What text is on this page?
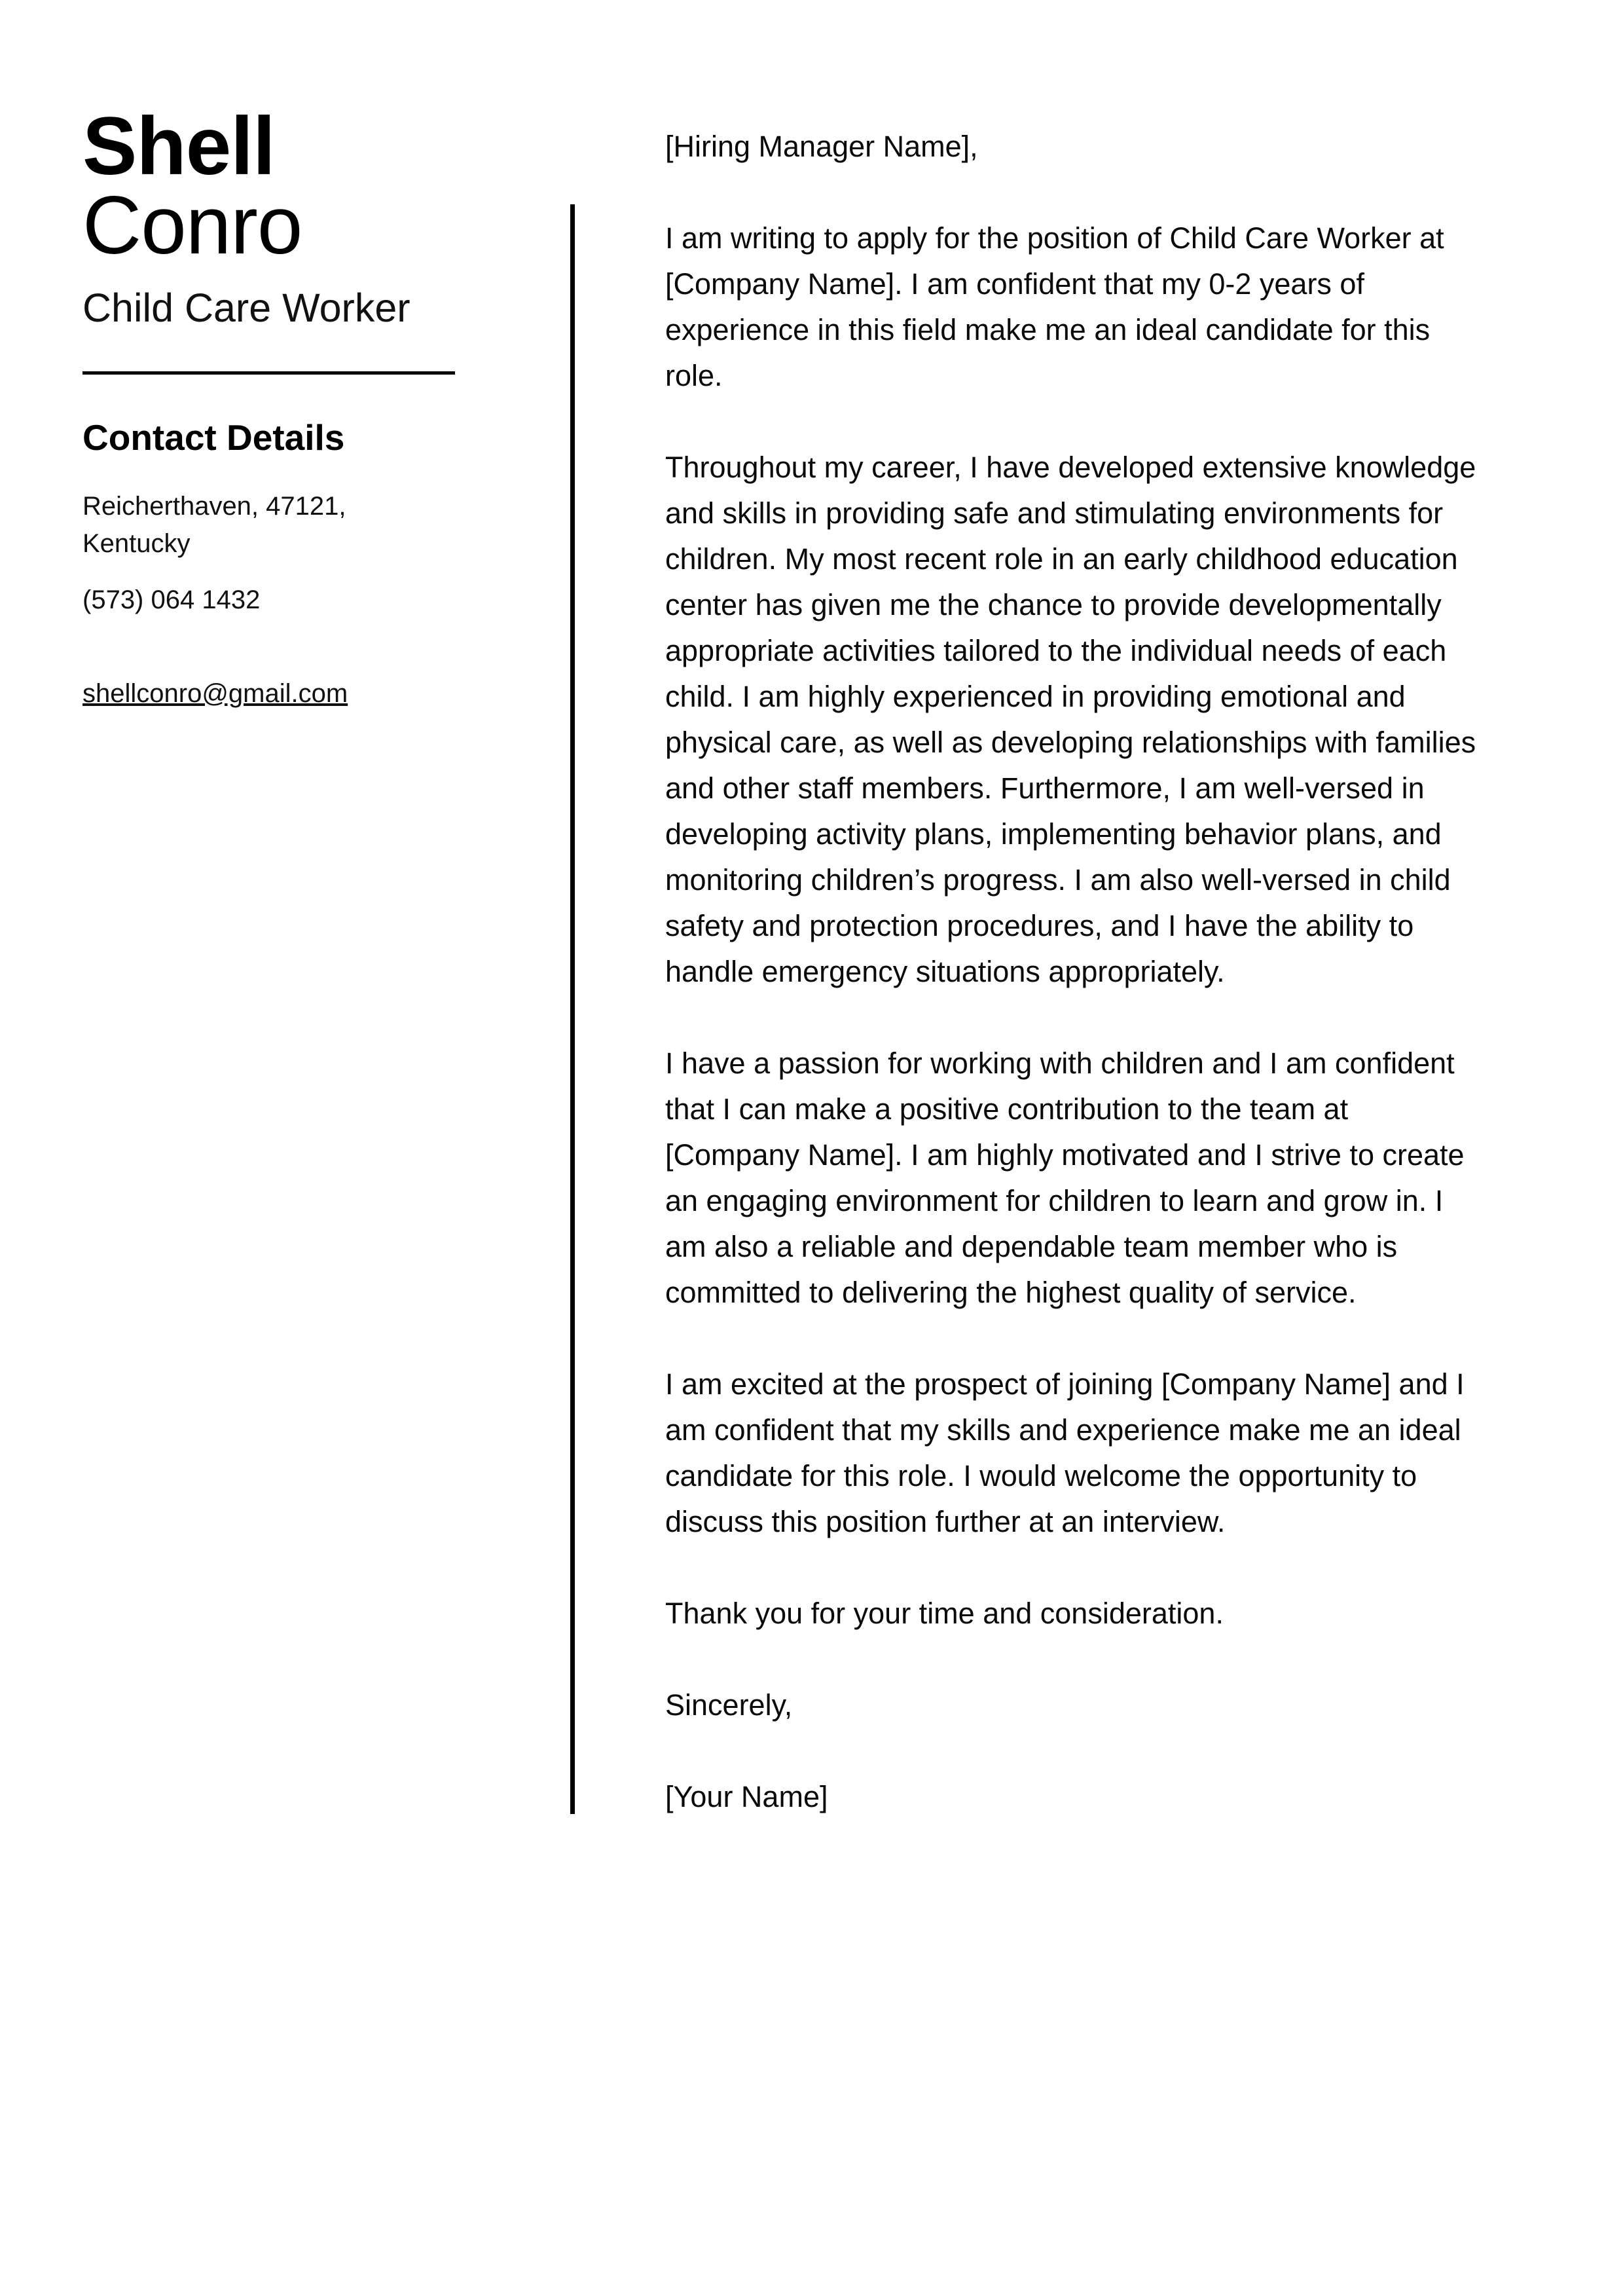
Shell
Conro
Child Care Worker
Contact Details
Reicherthaven, 47121,
Kentucky
(573) 064 1432

shellconro@gmail.com

[Hiring Manager Name],

I am writing to apply for the position of Child Care Worker at
[Company Name]. I am confident that my 0-2 years of
experience in this field make me an ideal candidate for this
role.

Throughout my career, I have developed extensive knowledge
and skills in providing safe and stimulating environments for
children. My most recent role in an early childhood education
center has given me the chance to provide developmentally
appropriate activities tailored to the individual needs of each
child. I am highly experienced in providing emotional and
physical care, as well as developing relationships with families
and other staff members. Furthermore, I am well-versed in
developing activity plans, implementing behavior plans, and
monitoring children’s progress. I am also well-versed in child
safety and protection procedures, and I have the ability to
handle emergency situations appropriately.

I have a passion for working with children and I am confident
that I can make a positive contribution to the team at
[Company Name]. I am highly motivated and I strive to create
an engaging environment for children to learn and grow in. I
am also a reliable and dependable team member who is
committed to delivering the highest quality of service.

I am excited at the prospect of joining [Company Name] and I
am confident that my skills and experience make me an ideal
candidate for this role. I would welcome the opportunity to
discuss this position further at an interview.

Thank you for your time and consideration.

Sincerely,

[Your Name]
